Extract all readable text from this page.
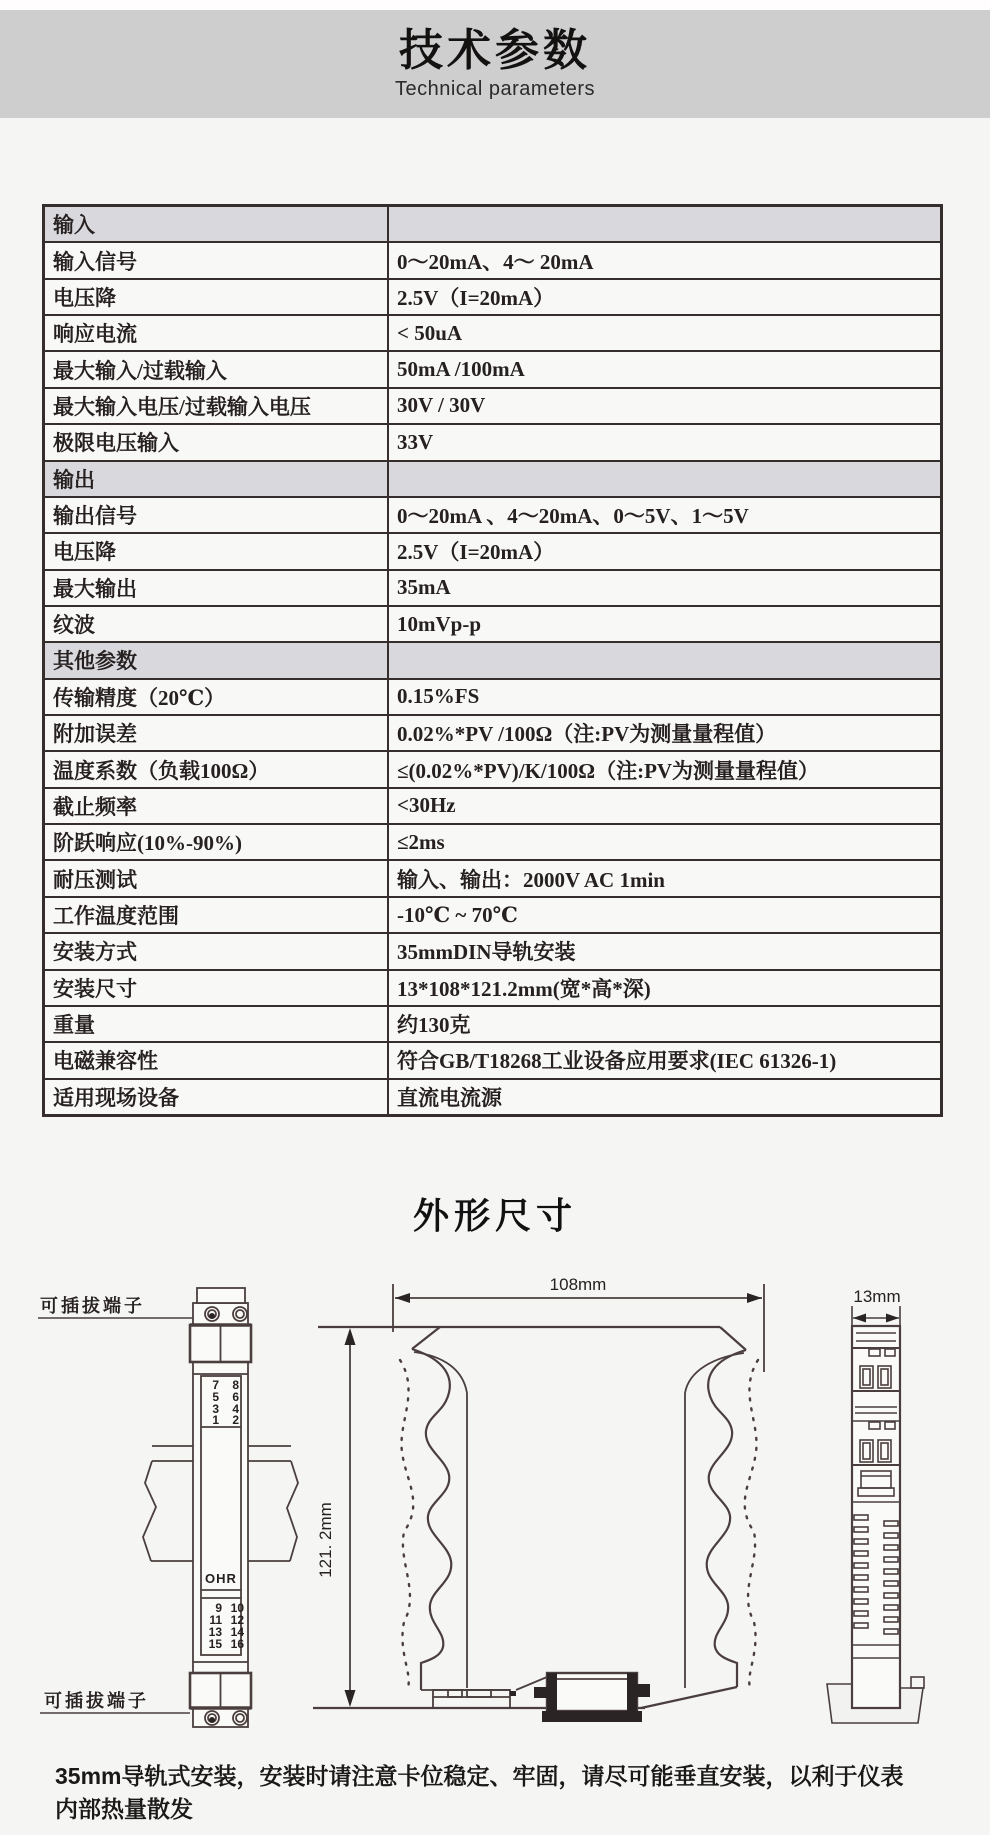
技术参数
Technical parameters
输入
输入信号	0～20mA、4～ 20mA
电压降	2.5V（I=20mA）
响应电流	< 50uA
最大输入/过载输入	50mA /100mA
最大输入电压/过载输入电压	30V / 30V
极限电压输入	33V
输出
输出信号	0～20mA 、4～20mA、0～5V、1～5V
电压降	2.5V（I=20mA）
最大输出	35mA
纹波	10mVp-p
其他参数
传输精度（20℃）	0.15%FS
附加误差	0.02%*PV /100Ω（注:PV为测量量程值）
温度系数（负载100Ω）	≤(0.02%*PV)/K/100Ω（注:PV为测量量程值）
截止频率	<30Hz
阶跃响应(10%-90%)	≤2ms
耐压测试	输入、输出：2000V AC 1min
工作温度范围	-10℃ ~ 70℃
安装方式	35mmDIN导轨安装
安装尺寸	13*108*121.2mm(宽*高*深)
重量	约130克
电磁兼容性	符合GB/T18268工业设备应用要求(IEC 61326-1)
适用现场设备	直流电流源
外形尺寸
可插拔端子
可插拔端子
OHR
7 8
5 6
3 4
1 2
9 10
11 12
13 14
15 16
108mm
121. 2mm
13mm
35mm导轨式安装，安装时请注意卡位稳定、牢固，请尽可能垂直安装，以利于仪表内部热量散发
